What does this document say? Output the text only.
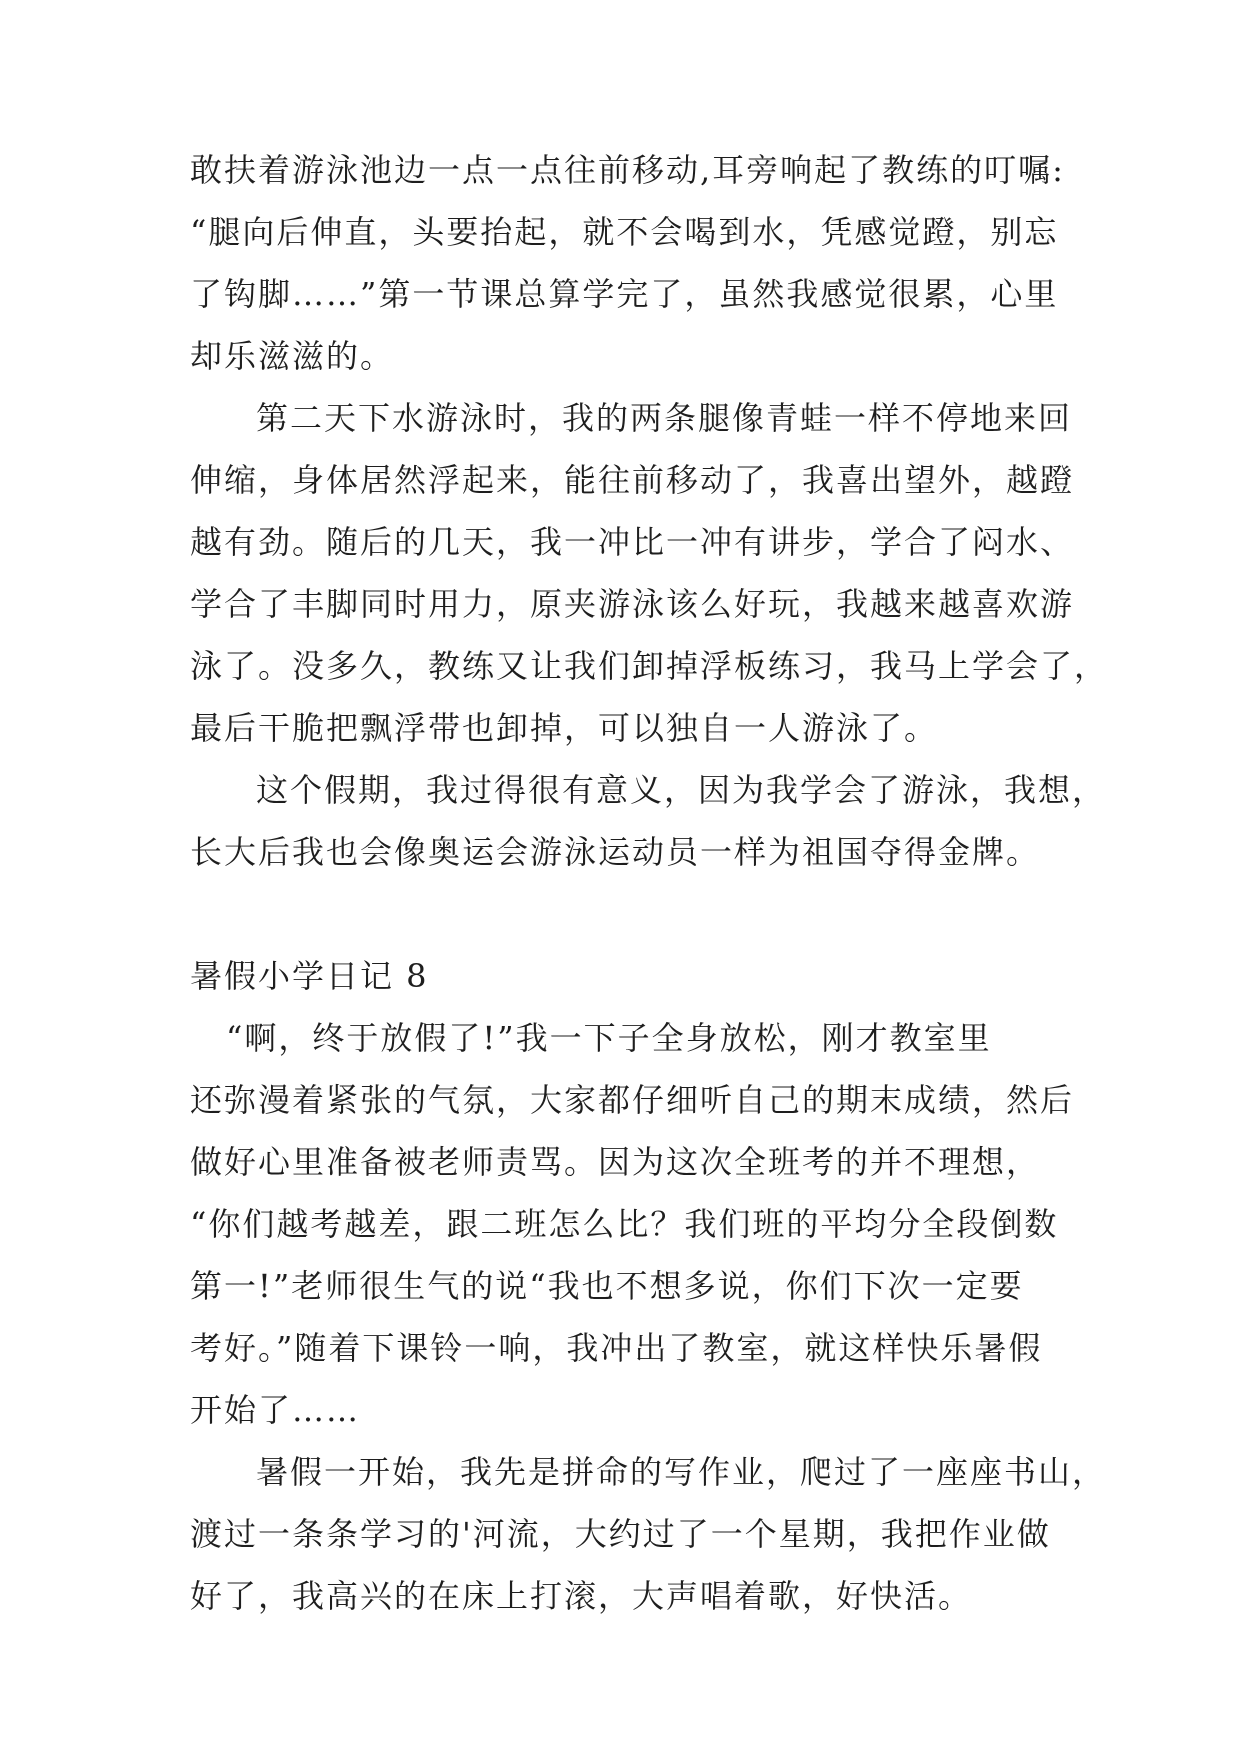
敢扶着游泳池边一点一点往前移动,耳旁响起了教练的叮嘱:
“腿向后伸直，头要抬起，就不会喝到水，凭感觉蹬，别忘
了钩脚……”第一节课总算学完了，虽然我感觉很累，心里
却乐滋滋的。
第二天下水游泳时，我的两条腿像青蛙一样不停地来回
伸缩，身体居然浮起来，能往前移动了，我喜出望外，越蹬
越有劲。随后的几天，我一冲比一冲有讲步，学合了闷水、
学合了丰脚同时用力，原夹游泳该么好玩，我越来越喜欢游
泳了。没多久，教练又让我们卸掉浮板练习，我马上学会了，
最后干脆把飘浮带也卸掉，可以独自一人游泳了。
这个假期，我过得很有意义，因为我学会了游泳，我想，
长大后我也会像奥运会游泳运动员一样为祖国夺得金牌。
暑假小学日记 8
“啊，终于放假了!”我一下子全身放松，刚才教室里
还弥漫着紧张的气氛，大家都仔细听自己的期末成绩，然后
做好心里准备被老师责骂。因为这次全班考的并不理想，
“你们越考越差，跟二班怎么比？我们班的平均分全段倒数
第一!”老师很生气的说“我也不想多说，你们下次一定要
考好。”随着下课铃一响，我冲出了教室，就这样快乐暑假
开始了……
暑假一开始，我先是拼命的写作业，爬过了一座座书山，
渡过一条条学习的'河流，大约过了一个星期，我把作业做
好了，我高兴的在床上打滚，大声唱着歌，好快活。
